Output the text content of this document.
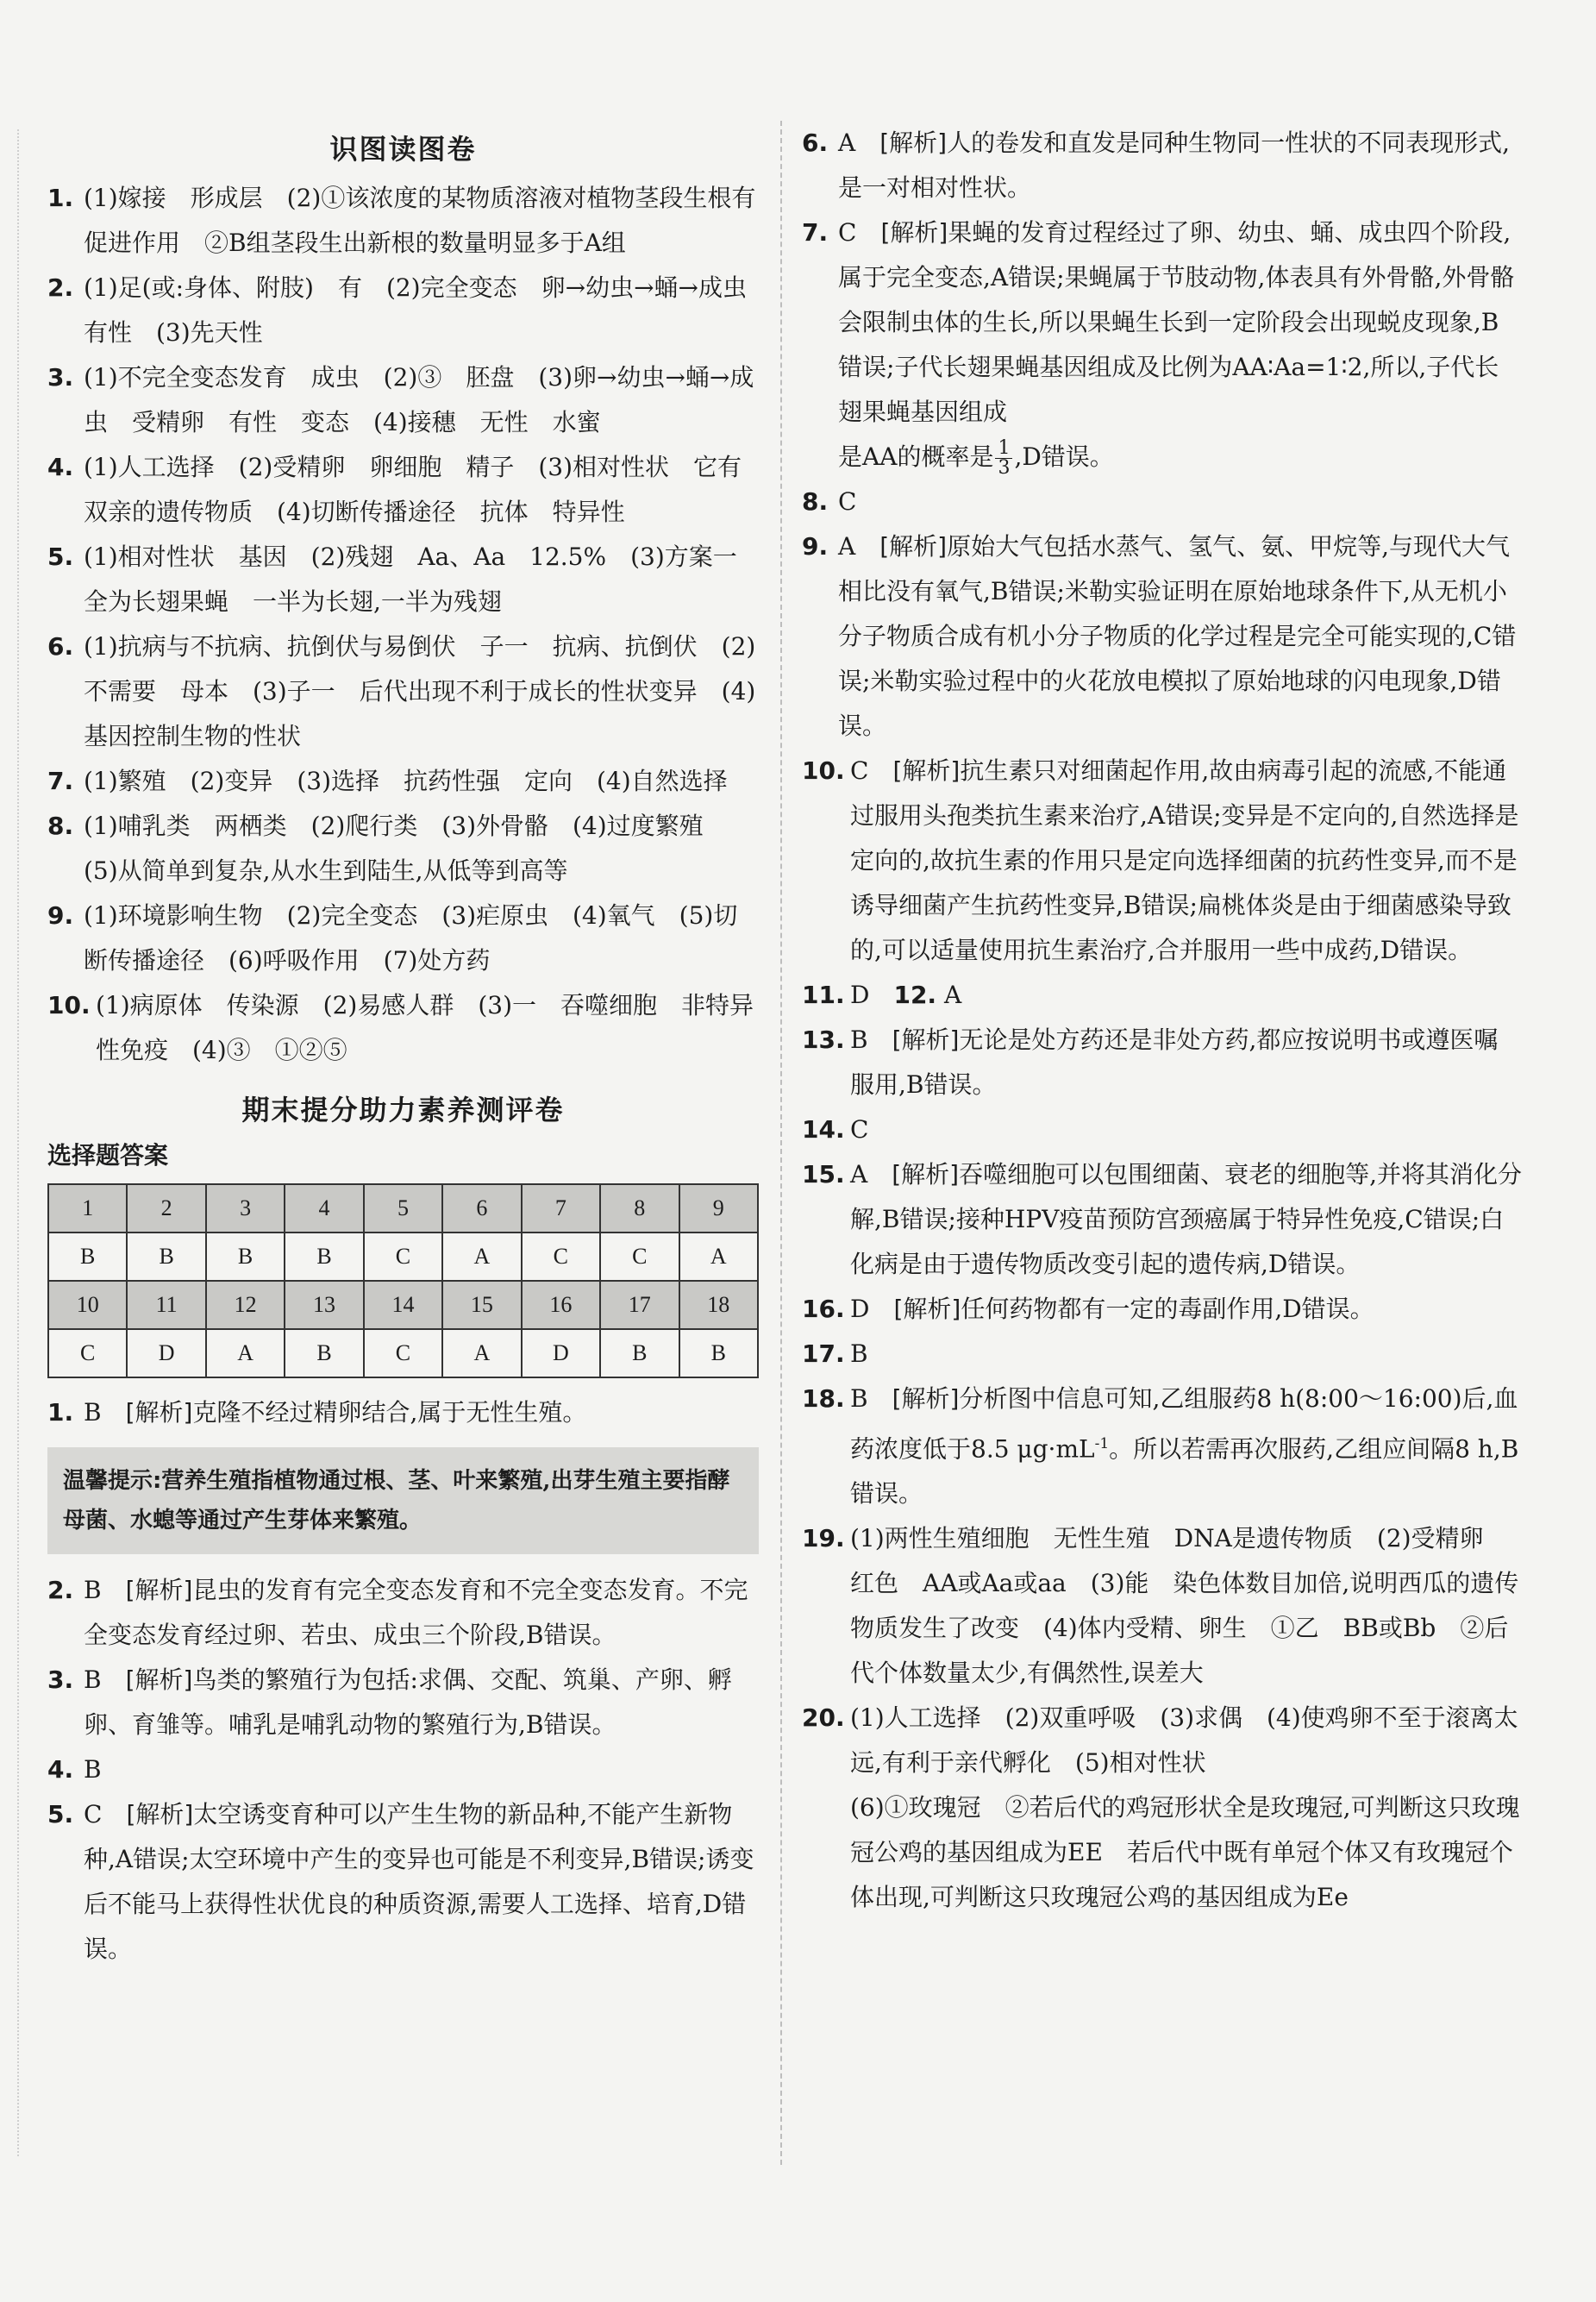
识图读图卷

1. (1)嫁接　形成层　(2)①该浓度的某物质溶液对植物茎段生根有促进作用　②B组茎段生出新根的数量明显多于A组

2. (1)足(或:身体、附肢)　有　(2)完全变态　卵→幼虫→蛹→成虫　有性　(3)先天性

3. (1)不完全变态发育　成虫　(2)③　胚盘　(3)卵→幼虫→蛹→成虫　受精卵　有性　变态　(4)接穗　无性　水蜜

4. (1)人工选择　(2)受精卵　卵细胞　精子　(3)相对性状　它有双亲的遗传物质　(4)切断传播途径　抗体　特异性

5. (1)相对性状　基因　(2)残翅　Aa、Aa　12.5%　(3)方案一　全为长翅果蝇　一半为长翅,一半为残翅

6. (1)抗病与不抗病、抗倒伏与易倒伏　子一　抗病、抗倒伏　(2)不需要　母本　(3)子一　后代出现不利于成长的性状变异　(4)基因控制生物的性状

7. (1)繁殖　(2)变异　(3)选择　抗药性强　定向　(4)自然选择

8. (1)哺乳类　两栖类　(2)爬行类　(3)外骨骼　(4)过度繁殖　(5)从简单到复杂,从水生到陆生,从低等到高等

9. (1)环境影响生物　(2)完全变态　(3)疟原虫　(4)氧气　(5)切断传播途径　(6)呼吸作用　(7)处方药

10. (1)病原体　传染源　(2)易感人群　(3)一　吞噬细胞　非特异性免疫　(4)③　①②⑤

期末提分助力素养测评卷
选择题答案
1	2	3	4	5	6	7	8	9
B	B	B	B	C	A	C	C	A
10	11	12	13	14	15	16	17	18
C	D	A	B	C	A	D	B	B

1. B　 [解析]克隆不经过精卵结合,属于无性生殖。

温馨提示:营养生殖指植物通过根、茎、叶来繁殖,出芽生殖主要指酵母菌、水螅等通过产生芽体来繁殖。

2. B　 [解析]昆虫的发育有完全变态发育和不完全变态发育。不完全变态发育经过卵、若虫、成虫三个阶段,B错误。

3. B　 [解析]鸟类的繁殖行为包括:求偶、交配、筑巢、产卵、孵卵、育雏等。哺乳是哺乳动物的繁殖行为,B错误。

4. B

5. C　 [解析]太空诱变育种可以产生生物的新品种,不能产生新物种,A错误;太空环境中产生的变异也可能是不利变异,B错误;诱变后不能马上获得性状优良的种质资源,需要人工选择、培育,D错误。

6. A　 [解析]人的卷发和直发是同种生物同一性状的不同表现形式,是一对相对性状。

7. C　 [解析]果蝇的发育过程经过了卵、幼虫、蛹、成虫四个阶段,属于完全变态,A错误;果蝇属于节肢动物,体表具有外骨骼,外骨骼会限制虫体的生长,所以果蝇生长到一定阶段会出现蜕皮现象,B错误;子代长翅果蝇基因组成及比例为AA∶Aa=1∶2,所以,子代长翅果蝇基因组成
是AA的概率是 $\frac{1}{3} ,D$错误。

8. C

9. A　 [解析]原始大气包括水蒸气、氢气、氨、甲烷等,与现代大气相比没有氧气,B错误;米勒实验证明在原始地球条件下,从无机小分子物质合成有机小分子物质的化学过程是完全可能实现的,C错误;米勒实验过程中的火花放电模拟了原始地球的闪电现象,D错误。

10. C　 [解析]抗生素只对细菌起作用,故由病毒引起的流感,不能通过服用头孢类抗生素来治疗,A错误;变异是不定向的,自然选择是定向的,故抗生素的作用只是定向选择细菌的抗药性变异,而不是诱导细菌产生抗药性变异,B错误;扁桃体炎是由于细菌感染导致的,可以适量使用抗生素治疗,合并服用一些中成药,D错误。

11. D　 12. A

13. B　 [解析]无论是处方药还是非处方药,都应按说明书或遵医嘱服用,B错误。

14. C

15. A　 [解析]吞噬细胞可以包围细菌、衰老的细胞等,并将其消化分解,B错误;接种HPV疫苗预防宫颈癌属于特异性免疫,C错误;白化病是由于遗传物质改变引起的遗传病,D错误。

16. D　 [解析]任何药物都有一定的毒副作用,D错误。

17. B

18. B　 [解析]分析图中信息可知,乙组服药8 h(8:00～16:00)后,血药浓度低于8.5 $\mu g\cdot mL^{-1}$。所以若需再次服药,乙组应间隔8 h,B错误。

19. (1)两性生殖细胞　无性生殖　DNA是遗传物质　(2)受精卵　红色　AA或Aa或aa　(3)能　染色体数目加倍,说明西瓜的遗传物质发生了改变　(4)体内受精、卵生　①乙　BB或Bb　②后代个体数量太少,有偶然性,误差大

20. (1)人工选择　(2)双重呼吸　(3)求偶　(4)使鸡卵不至于滚离太远,有利于亲代孵化　(5)相对性状
(6)①玫瑰冠　②若后代的鸡冠形状全是玫瑰冠,可判断这只玫瑰冠公鸡的基因组成为EE　若后代中既有单冠个体又有玫瑰冠个体出现,可判断这只玫瑰冠公鸡的基因组成为Ee
